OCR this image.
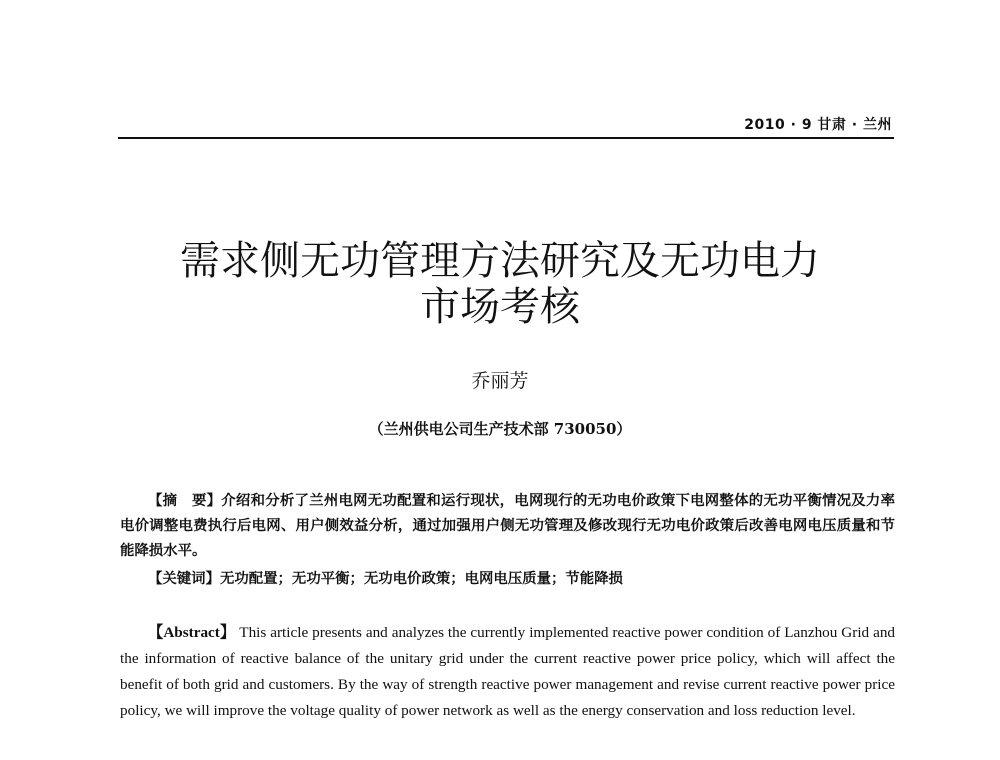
2010 · 9 甘肃 · 兰州
需求侧无功管理方法研究及无功电力
市场考核
乔丽芳
（兰州供电公司生产技术部 730050）
【摘　要】介绍和分析了兰州电网无功配置和运行现状，电网现行的无功电价政策下电网整体的无功平衡情况及力率电价调整电费执行后电网、用户侧效益分析，通过加强用户侧无功管理及修改现行无功电价政策后改善电网电压质量和节能降损水平。
【关键词】无功配置；无功平衡；无功电价政策；电网电压质量；节能降损
【Abstract】 This article presents and analyzes the currently implemented reactive power condition of Lanzhou Grid and the information of reactive balance of the unitary grid under the current reactive power price policy, which will affect the benefit of both grid and customers. By the way of strength reactive power management and revise current reactive power price policy, we will improve the voltage quality of power network as well as the energy conservation and loss reduction level.
